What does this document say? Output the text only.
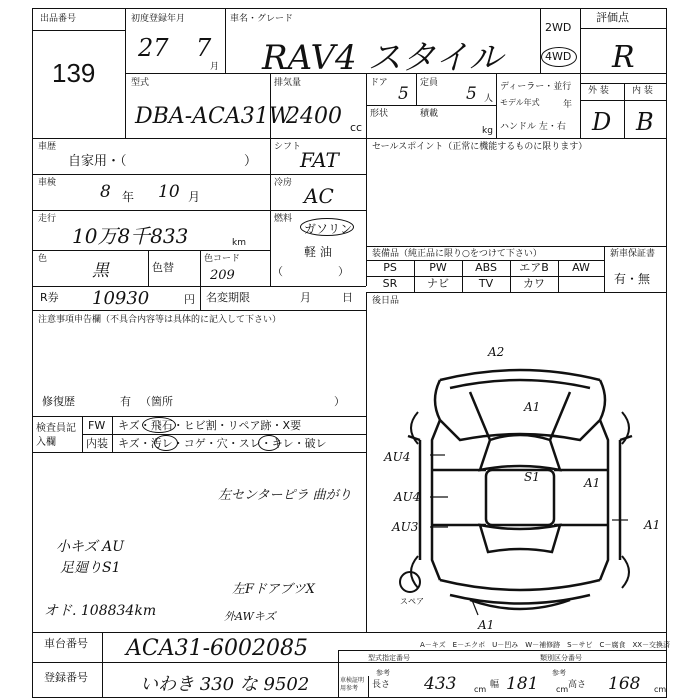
出品番号
139
初度登録年月
27 7
月
車名・グレード
RAV4 スタイル
2WD
4WD
評価点
R
型式
DBA-ACA31W
排気量
2400 cc
ドア
5
定員
5 人
形状	積載
kg
ディーラー・並行
モデル年式	年
ハンドル 左・右
外 装	内 装
D B
車歴
自家用・（	）
シフト
FAT
車検	8 年 10 月
冷房
AC
走行
10万8千833	km
燃料
ガソリン
軽 油
（　　　　　）
色
黒	色替
色コード
209
R券 10930	円 名変期限	月	日
セールスポイント（正常に機能するものに限ります）
装備品（純正品に限り○をつけて下さい）	新車保証書
有・無
PS	PW	ABS	エアB	AW
SR	ナビ	TV	カワ
後日品
注意事項申告欄（不具合内容等は具体的に記入して下さい）
修復歴	有 （箇所	）
検査員記入欄
FW キズ・飛石・ヒビ割・リペア跡・X要
内装 キズ・汚レ・コゲ・穴・スレ・キレ・破レ
左センターピラ 曲がり
小キズ AU
足廻りS1
左FドアブツX
オド. 108834km	外AWキズ
A2
A1
A1
S1
AU4
AU4
AU3	A1
A1
スペア
A－キズ　E－エクボ　U－凹み　W－補修跡　S－サビ　C－腐食　XX－交換済
車台番号 ACA31-6002085
登録番号	いわき 330 な 9502
型式指定番号	類別区分番号
参考	参考
車検証明用参考	長さ 433 cm 幅 181 cm 高さ 168 cm
